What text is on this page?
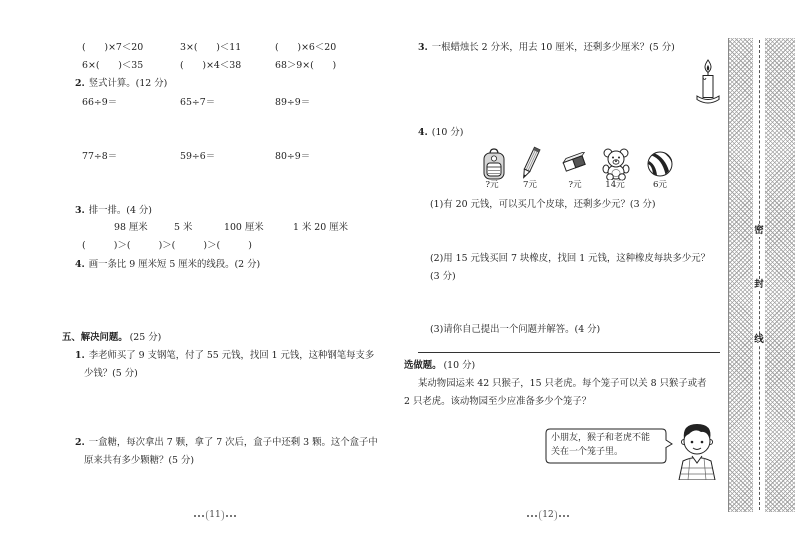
(　　)×7＜20	3×(　　)＜11	(　　)×6＜20
6×(　　)＜35	(　　)×4＜38	68＞9×(　　)
2. 竖式计算。(12 分)
66÷9＝	65÷7＝	89÷9＝
77÷8＝	59÷6＝	80÷9＝
3. 排一排。(4 分)
98 厘米	5 米	100 厘米	1 米 20 厘米
(　　　)＞(　　　)＞(　　　)＞(　　　)
4. 画一条比 9 厘米短 5 厘米的线段。(2 分)
五、解决问题。 (25 分)
1. 李老师买了 9 支钢笔，付了 55 元钱，找回 1 元钱，这种钢笔每支多
少钱？(5 分)
2. 一盒糖，每次拿出 7 颗，拿了 7 次后，盒子中还剩 3 颗。这个盒子中
原来共有多少颗糖？(5 分)
11
3. 一根蜡烛长 2 分米，用去 10 厘米，还剩多少厘米？(5 分)
4. (10 分)
?元	7元	?元	14元	6元
(1)有 20 元钱，可以买几个皮球，还剩多少元？(3 分)
(2)用 15 元钱买回 7 块橡皮，找回 1 元钱，这种橡皮每块多少元？
(3 分)
(3)请你自己提出一个问题并解答。(4 分)
选做题。 (10 分)
某动物园运来 42 只猴子，15 只老虎。每个笼子可以关 8 只猴子或者
2 只老虎。该动物园至少应准备多少个笼子？
小朋友，猴子和老虎不能
关在一个笼子里。
12
密
封
线
